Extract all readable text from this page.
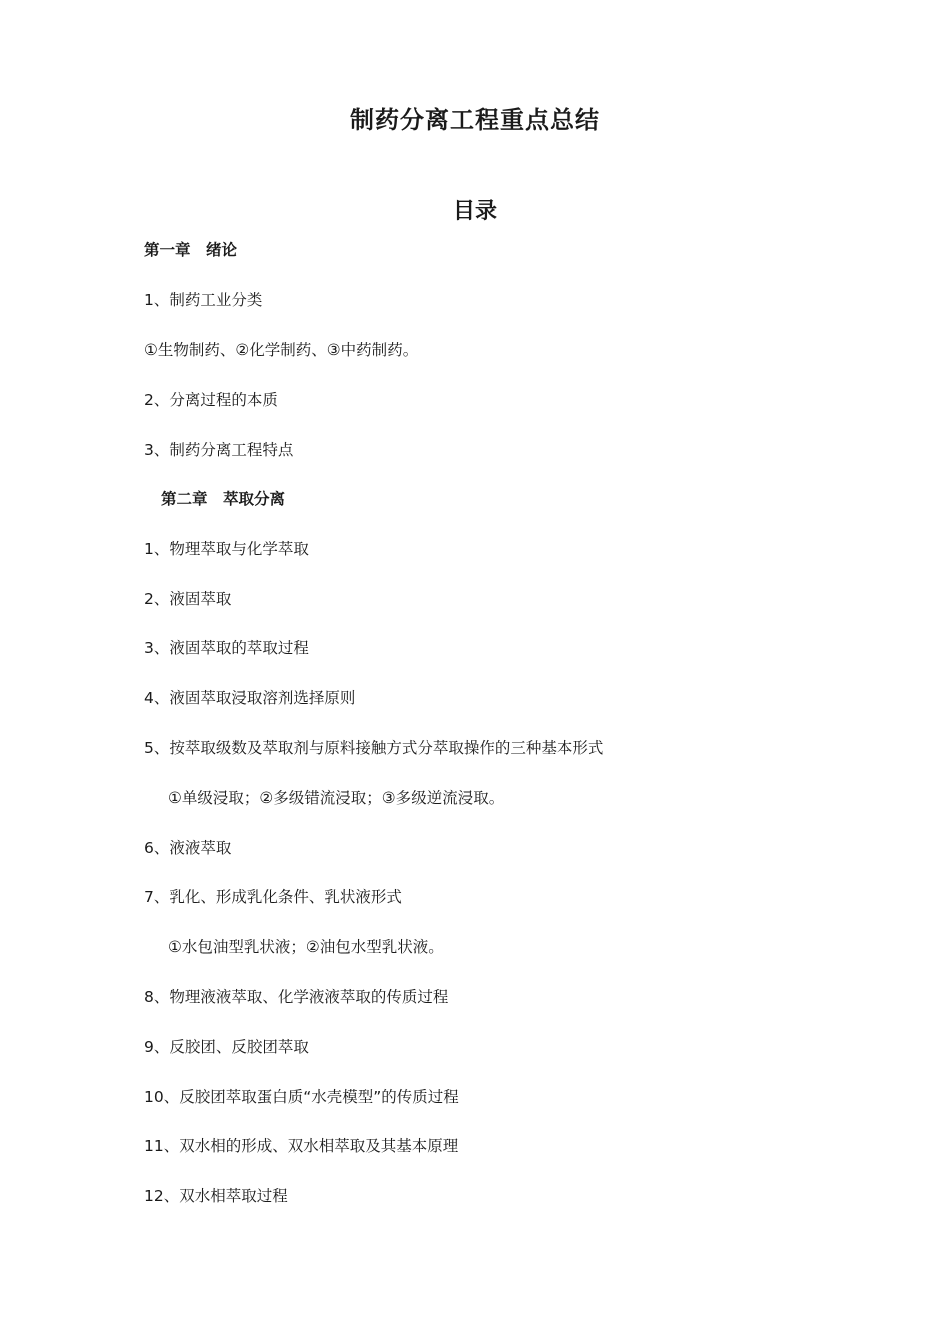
制药分离工程重点总结
目录
第一章　绪论
1、制药工业分类
①生物制药、②化学制药、③中药制药。
2、分离过程的本质
3、制药分离工程特点
第二章　萃取分离
1、物理萃取与化学萃取
2、液固萃取
3、液固萃取的萃取过程
4、液固萃取浸取溶剂选择原则
5、按萃取级数及萃取剂与原料接触方式分萃取操作的三种基本形式
①单级浸取；②多级错流浸取；③多级逆流浸取。
6、液液萃取
7、乳化、形成乳化条件、乳状液形式
①水包油型乳状液；②油包水型乳状液。
8、物理液液萃取、化学液液萃取的传质过程
9、反胶团、反胶团萃取
10、反胶团萃取蛋白质“水壳模型”的传质过程
11、双水相的形成、双水相萃取及其基本原理
12、双水相萃取过程
